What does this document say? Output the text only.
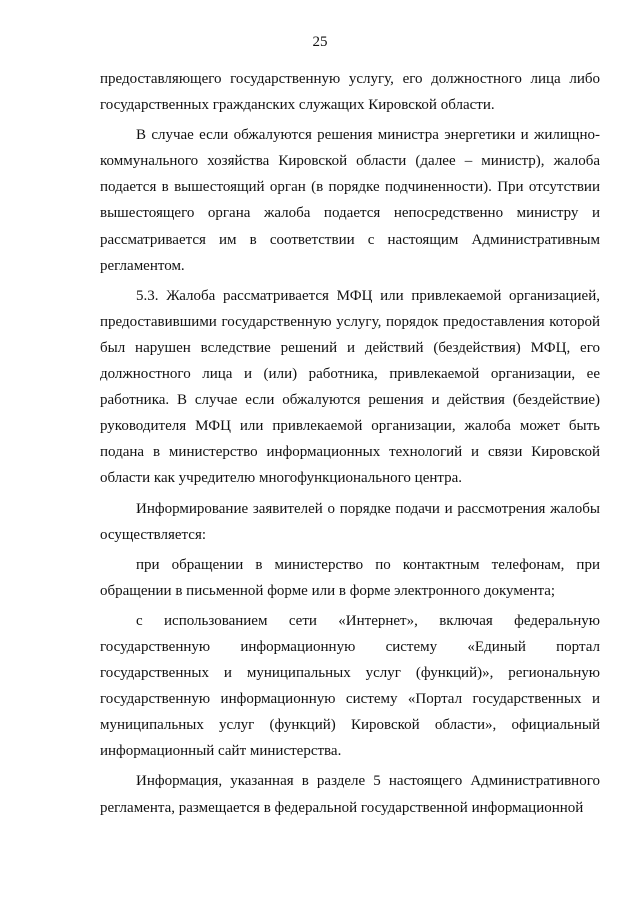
25

предоставляющего государственную услугу, его должностного лица либо государственных гражданских служащих Кировской области.

В случае если обжалуются решения министра энергетики и жилищно-коммунального хозяйства Кировской области (далее – министр), жалоба подается в вышестоящий орган (в порядке подчиненности). При отсутствии вышестоящего органа жалоба подается непосредственно министру и рассматривается им в соответствии с настоящим Административным регламентом.

5.3. Жалоба рассматривается МФЦ или привлекаемой организацией, предоставившими государственную услугу, порядок предоставления которой был нарушен вследствие решений и действий (бездействия) МФЦ, его должностного лица и (или) работника, привлекаемой организации, ее работника. В случае если обжалуются решения и действия (бездействие) руководителя МФЦ или привлекаемой организации, жалоба может быть подана в министерство информационных технологий и связи Кировской области как учредителю многофункционального центра.

Информирование заявителей о порядке подачи и рассмотрения жалобы осуществляется:

при обращении в министерство по контактным телефонам, при обращении в письменной форме или в форме электронного документа;

с использованием сети «Интернет», включая федеральную государственную информационную систему «Единый портал государственных и муниципальных услуг (функций)», региональную государственную информационную систему «Портал государственных и муниципальных услуг (функций) Кировской области», официальный информационный сайт министерства.

Информация, указанная в разделе 5 настоящего Административного регламента, размещается в федеральной государственной информационной
